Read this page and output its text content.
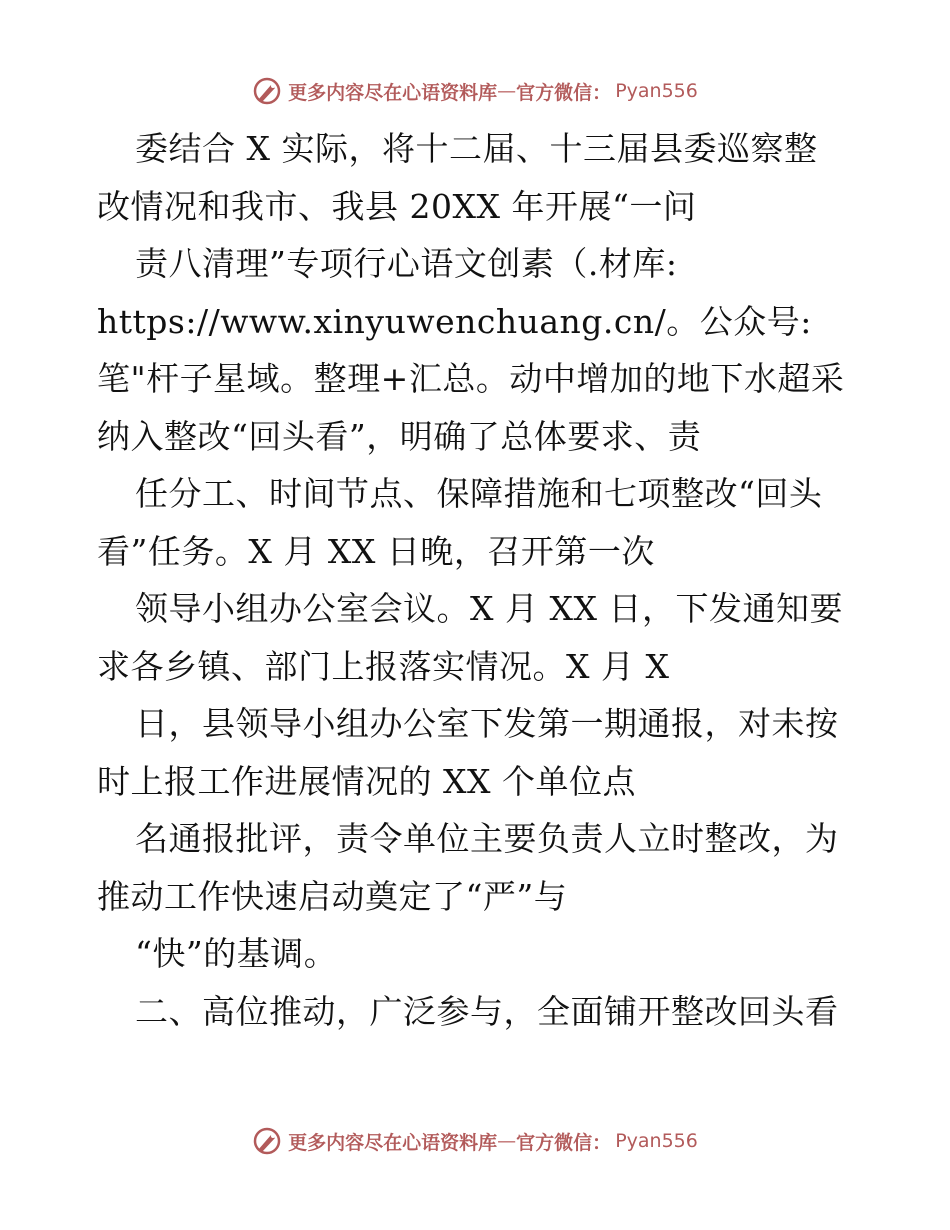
更多内容尽在心语资料库 — 官方微信： Pyan556
委结合 X 实际，将十二届、十三届县委巡察整
改情况和我市、我县 20XX 年开展“一问
责八清理”专项行心语文创素（.材库:
https://www.xinyuwenchuang.cn/。公众号:
笔"杆子星域。整理+汇总。动中增加的地下水超采
纳入整改“回头看”，明确了总体要求、责
任分工、时间节点、保障措施和七项整改“回头
看”任务。X 月 XX 日晚，召开第一次
领导小组办公室会议。X 月 XX 日，下发通知要
求各乡镇、部门上报落实情况。X 月 X
日，县领导小组办公室下发第一期通报，对未按
时上报工作进展情况的 XX 个单位点
名通报批评，责令单位主要负责人立时整改，为
推动工作快速启动奠定了“严”与
“快”的基调。
二、高位推动，广泛参与，全面铺开整改回头看
更多内容尽在心语资料库 — 官方微信： Pyan556
